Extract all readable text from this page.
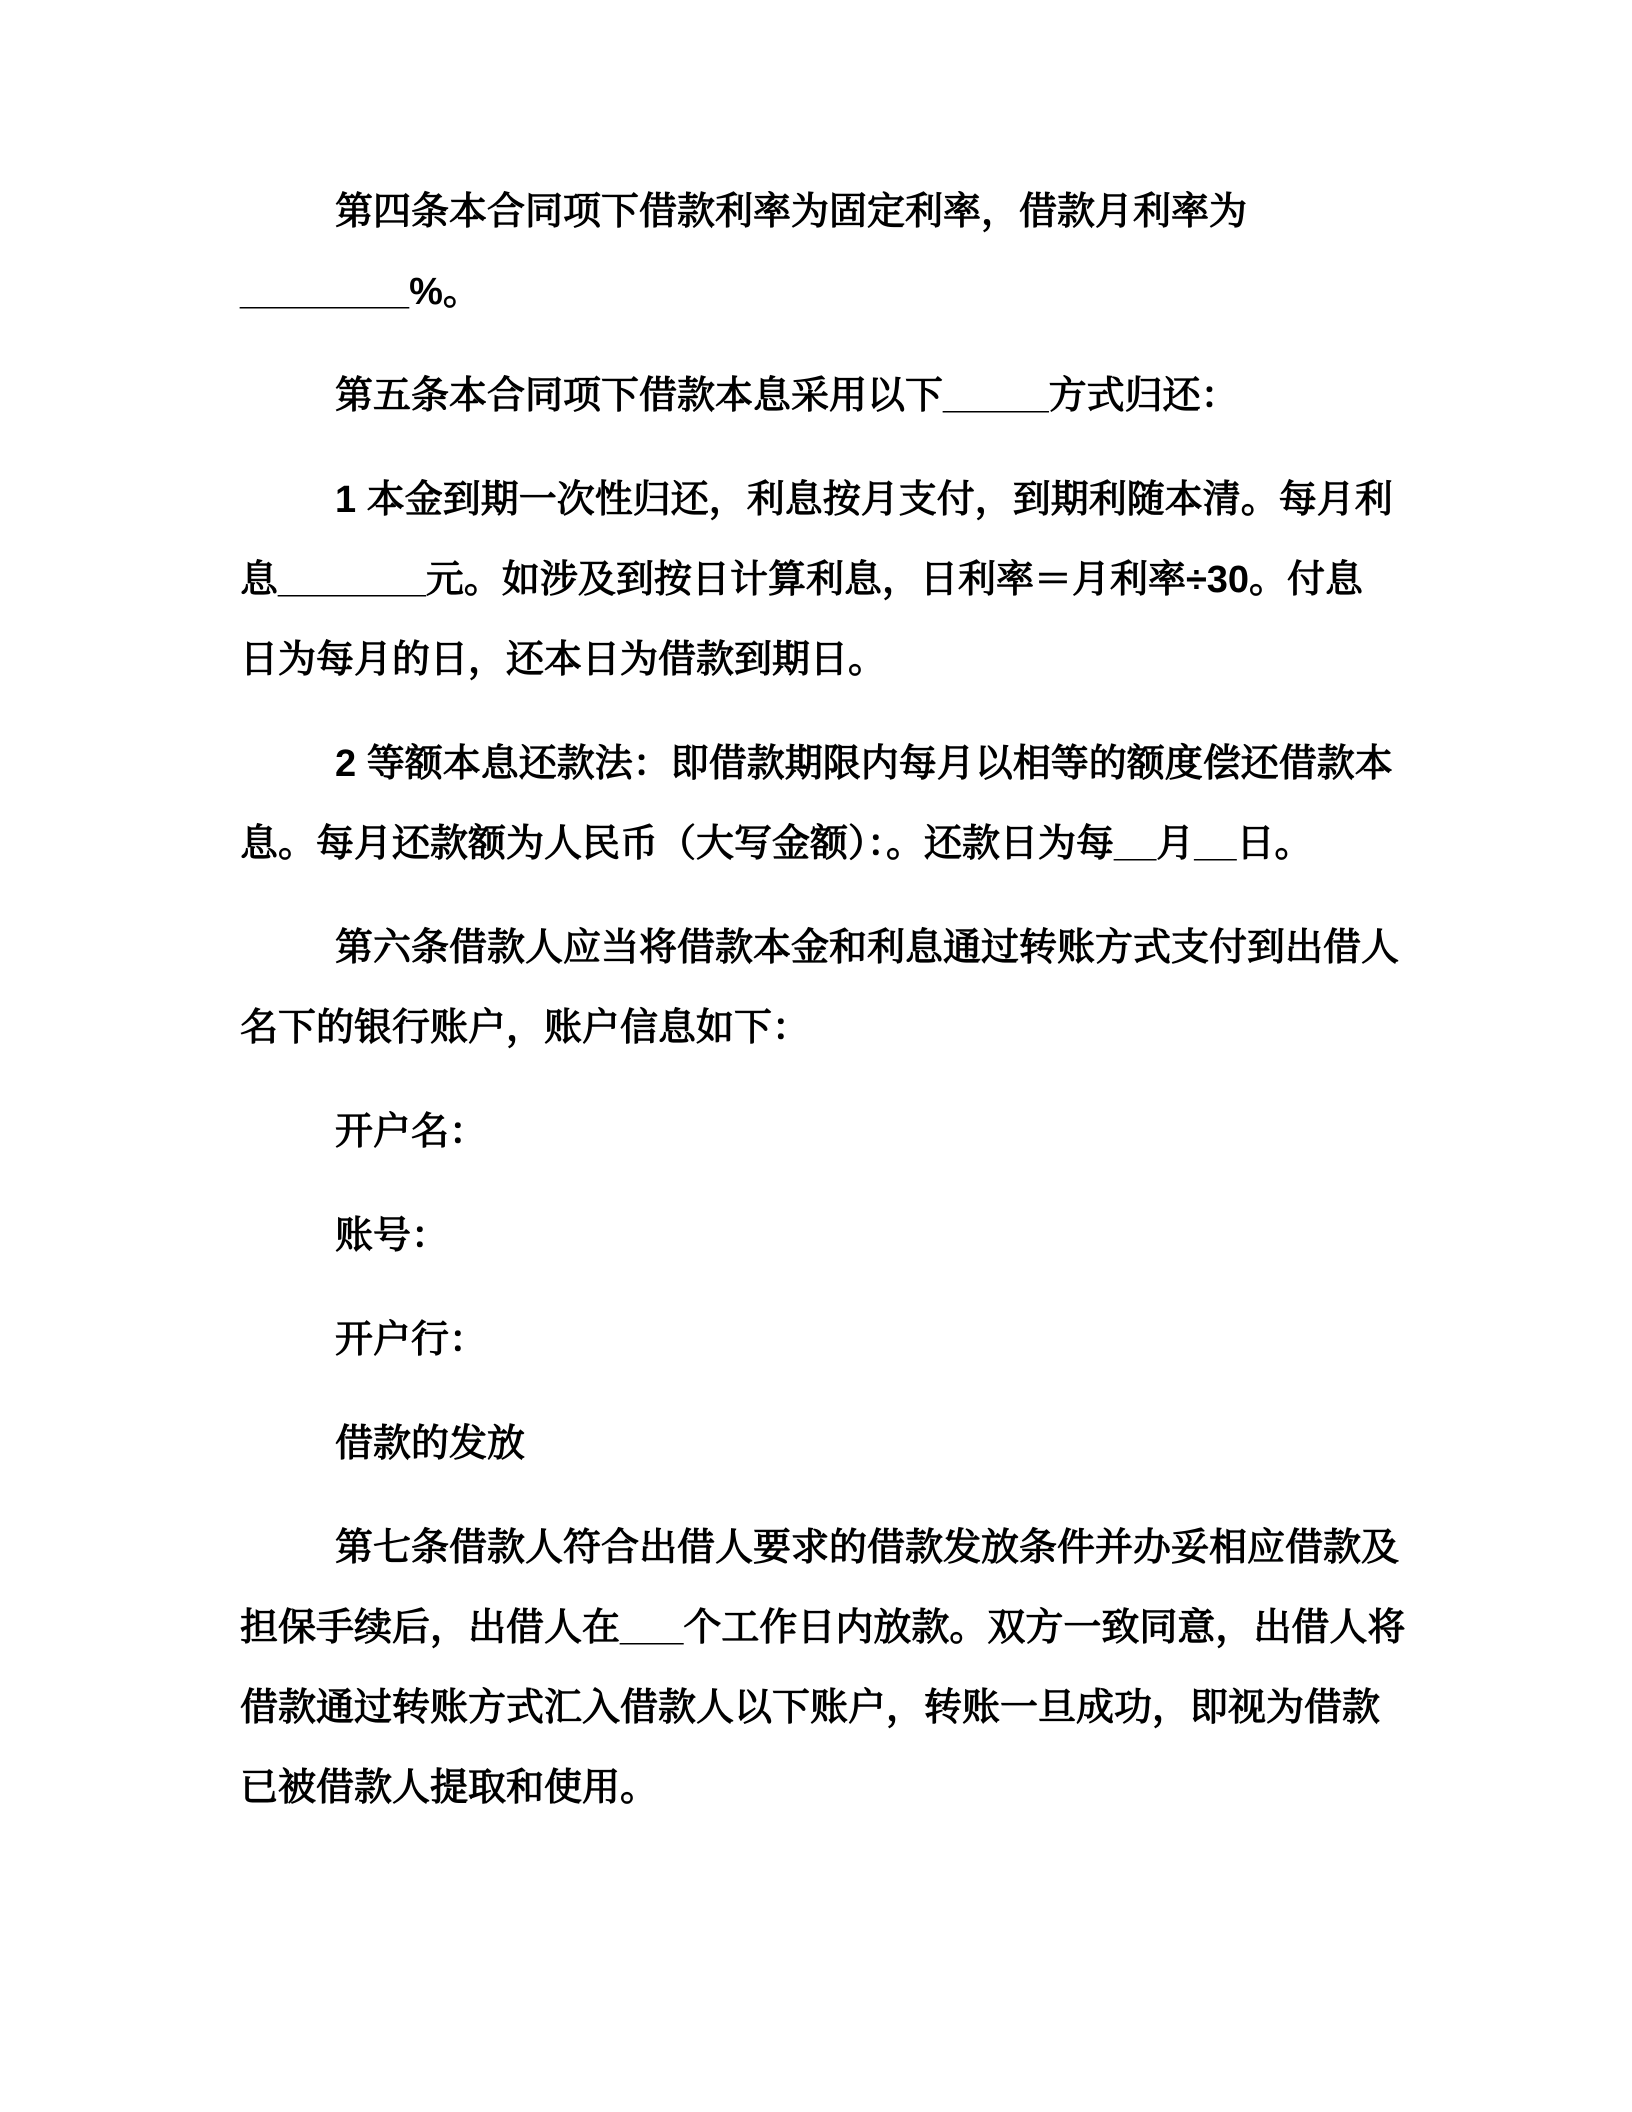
第四条本合同项下借款利率为固定利率，借款月利率为
________%。
第五条本合同项下借款本息采用以下_____方式归还：
1 本金到期一次性归还，利息按月支付，到期利随本清。每月利
息_______元。如涉及到按日计算利息，日利率＝月利率÷30。付息
日为每月的日，还本日为借款到期日。
2 等额本息还款法：即借款期限内每月以相等的额度偿还借款本
息。每月还款额为人民币（大写金额）：。还款日为每__月__日。
第六条借款人应当将借款本金和利息通过转账方式支付到出借人
名下的银行账户，账户信息如下：
开户名：
账号：
开户行：
借款的发放
第七条借款人符合出借人要求的借款发放条件并办妥相应借款及
担保手续后，出借人在___个工作日内放款。双方一致同意，出借人将
借款通过转账方式汇入借款人以下账户，转账一旦成功，即视为借款
已被借款人提取和使用。
